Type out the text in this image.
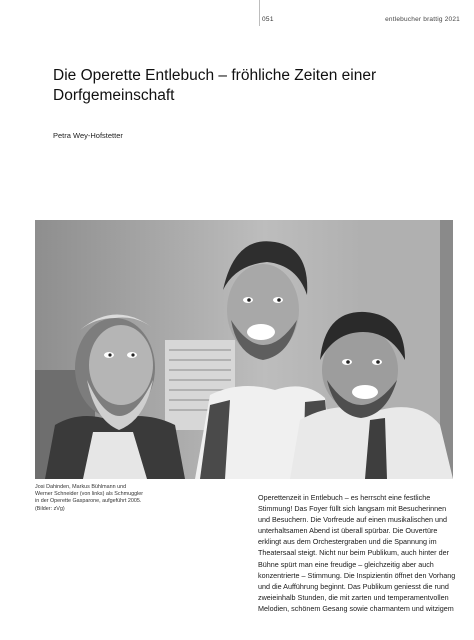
051	entlebucher brattig 2021
Die Operette Entlebuch – fröhliche Zeiten einer Dorfgemeinschaft
Petra Wey-Hofstetter

Josi Dahinden, Markus Bühlmann und Werner Schneider (von links) als Schmuggler in der Operette Gasparone, aufgeführt 2005. (Bilder: zVg)

Operettenzeit in Entlebuch – es herrscht eine festliche Stimmung! Das Foyer füllt sich langsam mit Besucherinnen und Besuchern. Die Vorfreude auf einen musikalischen und unterhaltsamen Abend ist überall spürbar. Die Ouvertüre erklingt aus dem Orchestergraben und die Spannung im Theatersaal steigt. Nicht nur beim Publikum, auch hinter der Bühne spürt man eine freudige – gleichzeitig aber auch konzentrierte – Stimmung. Die Inspizientin öffnet den Vorhang und die Aufführung beginnt. Das Publikum geniesst die rund zweieinhalb Stunden, die mit zarten und temperamentvollen Melodien, schönem Gesang sowie charmantem und witzigem
